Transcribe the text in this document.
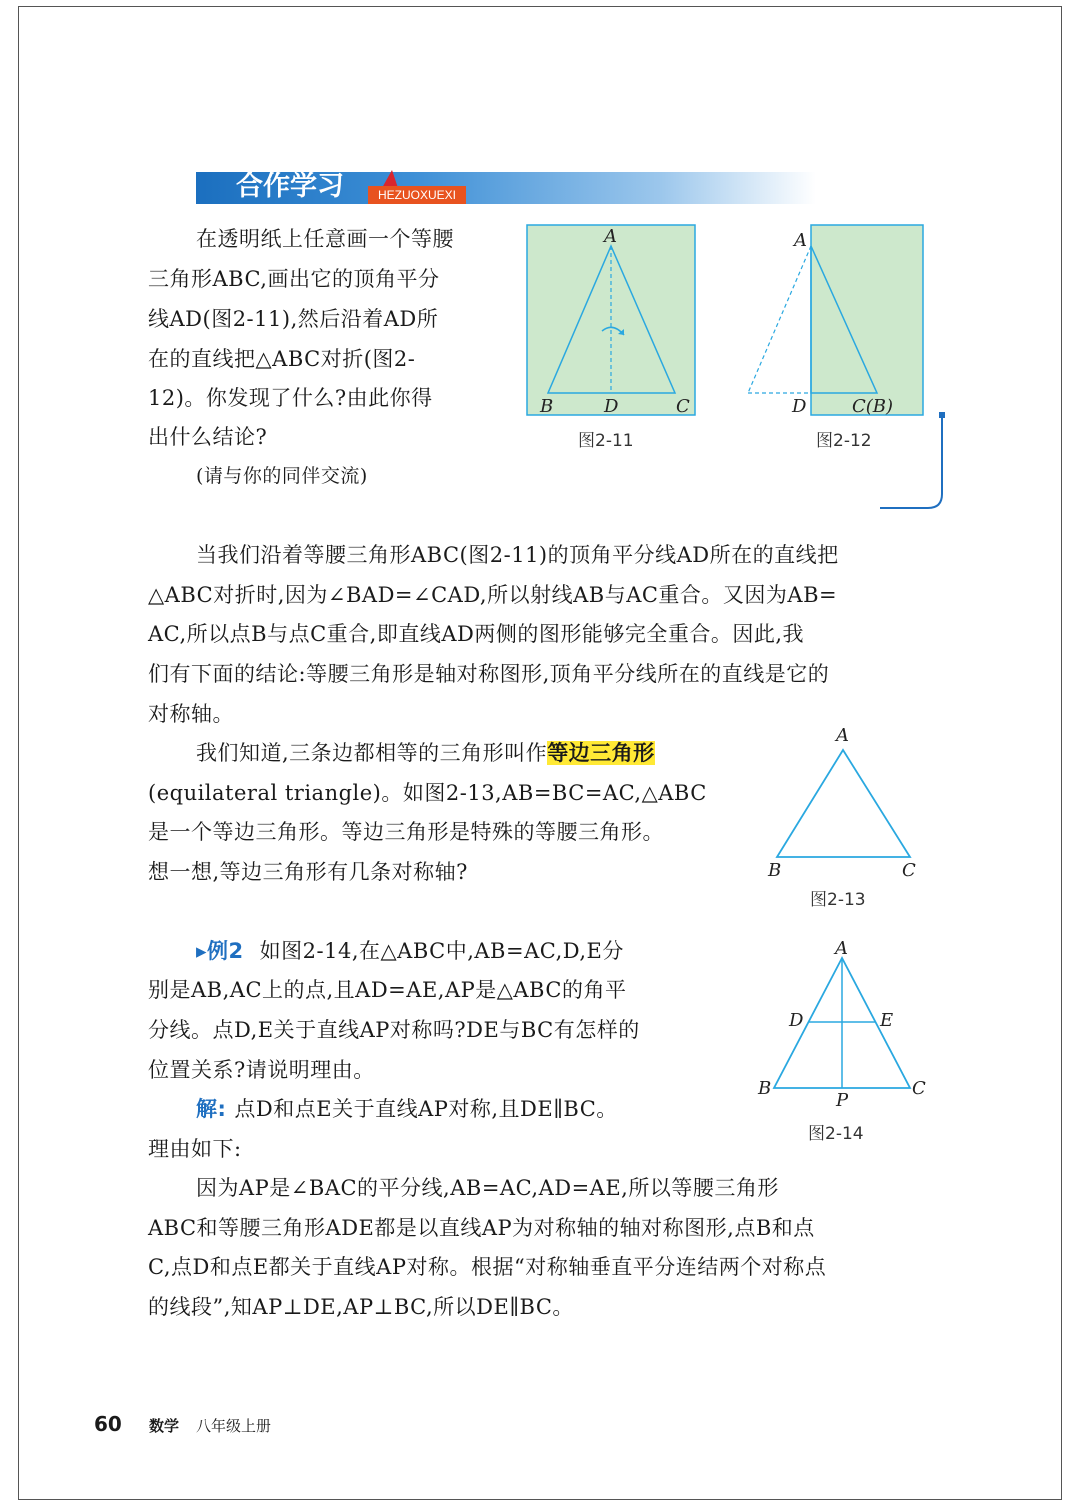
合作学习	HEZUOXUEXI
在透明纸上任意画一个等腰
三角形ABC,画出它的顶角平分
线AD(图2-11),然后沿着AD所
在的直线把△ABC对折(图2-
12)。你发现了什么?由此你得
出什么结论?
(请与你的同伴交流)
A
B	D	C
图2-11
A
D	C(B)
图2-12
当我们沿着等腰三角形ABC(图2-11)的顶角平分线AD所在的直线把
△ABC对折时,因为∠BAD=∠CAD,所以射线AB与AC重合。又因为AB=
AC,所以点B与点C重合,即直线AD两侧的图形能够完全重合。因此,我
们有下面的结论:等腰三角形是轴对称图形,顶角平分线所在的直线是它的
对称轴。
我们知道,三条边都相等的三角形叫作等边三角形
(equilateral triangle)。如图2-13,AB=BC=AC,△ABC
是一个等边三角形。等边三角形是特殊的等腰三角形。
想一想,等边三角形有几条对称轴?
A
B	C
图2-13
▸例2 如图2-14,在△ABC中,AB=AC,D,E分
别是AB,AC上的点,且AD=AE,AP是△ABC的角平
分线。点D,E关于直线AP对称吗?DE与BC有怎样的
位置关系?请说明理由。
解: 点D和点E关于直线AP对称,且DE∥BC。
理由如下:
A
D	E
B
P
C
图2-14
因为AP是∠BAC的平分线,AB=AC,AD=AE,所以等腰三角形
ABC和等腰三角形ADE都是以直线AP为对称轴的轴对称图形,点B和点
C,点D和点E都关于直线AP对称。根据“对称轴垂直平分连结两个对称点
的线段”,知AP⊥DE,AP⊥BC,所以DE∥BC。
60 数学 八年级上册
